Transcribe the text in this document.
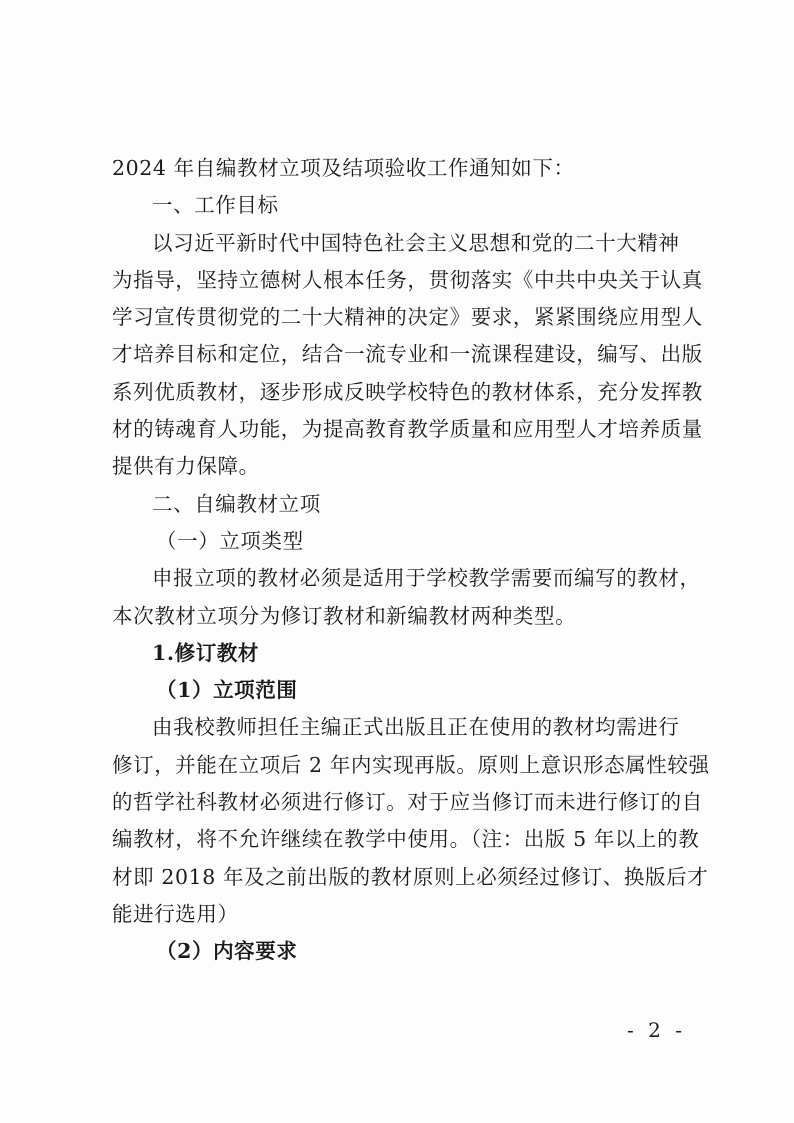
2024 年自编教材立项及结项验收工作通知如下：
一、工作目标
以习近平新时代中国特色社会主义思想和党的二十大精神
为指导，坚持立德树人根本任务，贯彻落实《中共中央关于认真
学习宣传贯彻党的二十大精神的决定》要求，紧紧围绕应用型人
才培养目标和定位，结合一流专业和一流课程建设，编写、出版
系列优质教材，逐步形成反映学校特色的教材体系，充分发挥教
材的铸魂育人功能，为提高教育教学质量和应用型人才培养质量
提供有力保障。
二、自编教材立项
（一）立项类型
申报立项的教材必须是适用于学校教学需要而编写的教材，
本次教材立项分为修订教材和新编教材两种类型。
1.修订教材
（1）立项范围
由我校教师担任主编正式出版且正在使用的教材均需进行
修订，并能在立项后 2 年内实现再版。原则上意识形态属性较强
的哲学社科教材必须进行修订。对于应当修订而未进行修订的自
编教材，将不允许继续在教学中使用。（注：出版 5 年以上的教
材即 2018 年及之前出版的教材原则上必须经过修订、换版后才
能进行选用）
（2）内容要求
- 2 -
